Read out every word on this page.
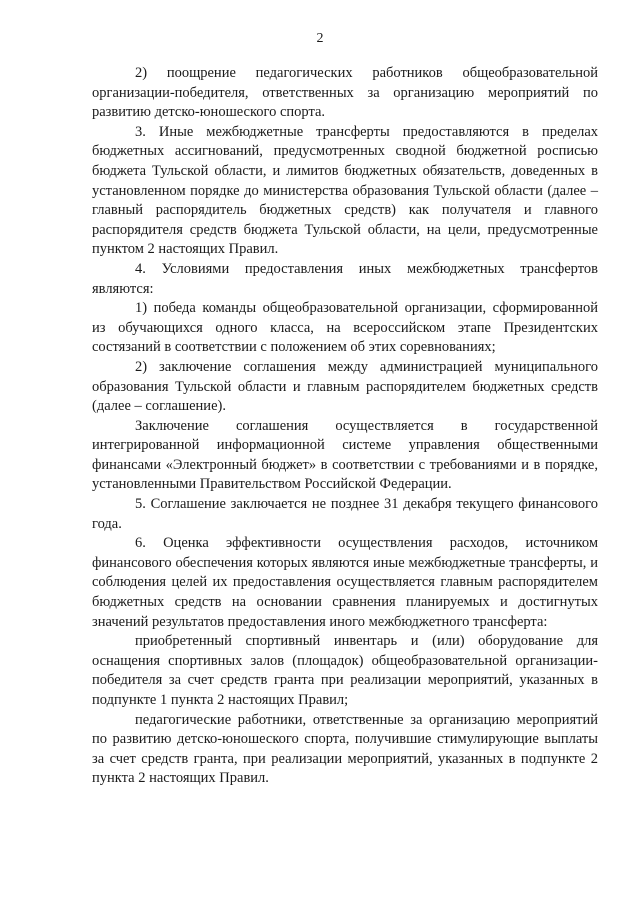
2

2) поощрение педагогических работников общеобразовательной организации-победителя, ответственных за организацию мероприятий по развитию детско-юношеского спорта.

3. Иные межбюджетные трансферты предоставляются в пределах бюджетных ассигнований, предусмотренных сводной бюджетной росписью бюджета Тульской области, и лимитов бюджетных обязательств, доведенных в установленном порядке до министерства образования Тульской области (далее – главный распорядитель бюджетных средств) как получателя и главного распорядителя средств бюджета Тульской области, на цели, предусмотренные пунктом 2 настоящих Правил.

4. Условиями предоставления иных межбюджетных трансфертов являются:

1) победа команды общеобразовательной организации, сформированной из обучающихся одного класса, на всероссийском этапе Президентских состязаний в соответствии с положением об этих соревнованиях;

2) заключение соглашения между администрацией муниципального образования Тульской области и главным распорядителем бюджетных средств (далее – соглашение).

Заключение соглашения осуществляется в государственной интегрированной информационной системе управления общественными финансами «Электронный бюджет» в соответствии с требованиями и в порядке, установленными Правительством Российской Федерации.

5. Соглашение заключается не позднее 31 декабря текущего финансового года.

6. Оценка эффективности осуществления расходов, источником финансового обеспечения которых являются иные межбюджетные трансферты, и соблюдения целей их предоставления осуществляется главным распорядителем бюджетных средств на основании сравнения планируемых и достигнутых значений результатов предоставления иного межбюджетного трансферта:

приобретенный спортивный инвентарь и (или) оборудование для оснащения спортивных залов (площадок) общеобразовательной организации-победителя за счет средств гранта при реализации мероприятий, указанных в подпункте 1 пункта 2 настоящих Правил;

педагогические работники, ответственные за организацию мероприятий по развитию детско-юношеского спорта, получившие стимулирующие выплаты за счет средств гранта, при реализации мероприятий, указанных в подпункте 2 пункта 2 настоящих Правил.
